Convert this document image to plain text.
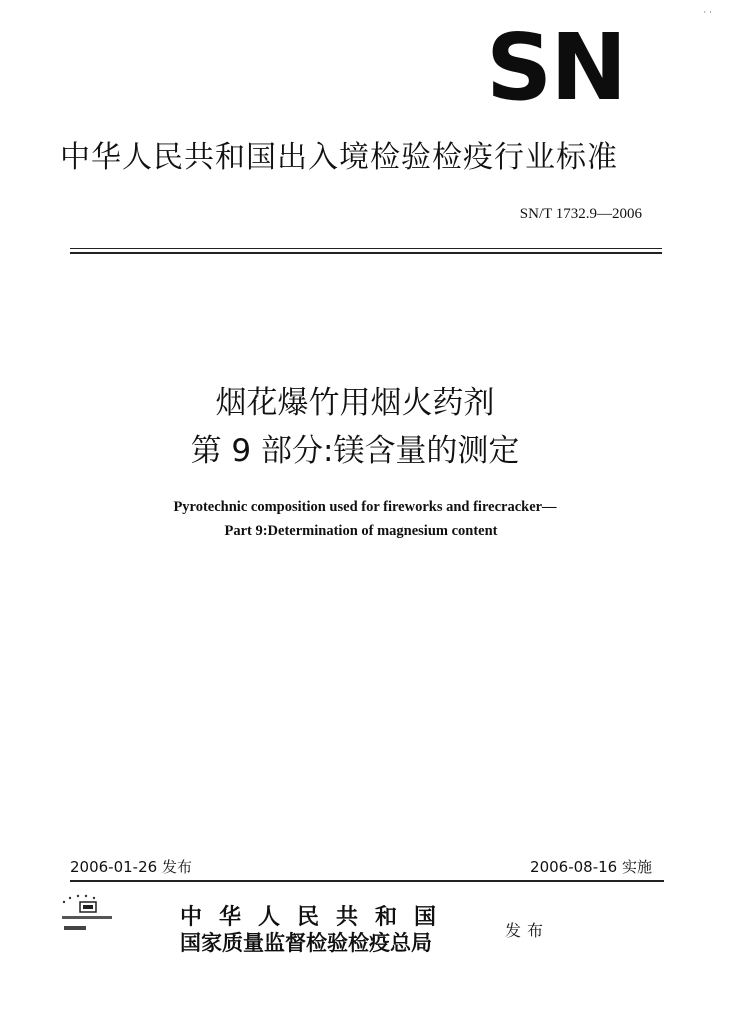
· ·
SN
中华人民共和国出入境检验检疫行业标准
SN/T 1732.9—2006
烟花爆竹用烟火药剂
第 9 部分:镁含量的测定
Pyrotechnic composition used for fireworks and firecracker—
Part 9:Determination of magnesium content
2006-01-26 发布	2006-08-16 实施
中华人民共和国
国家质量监督检验检疫总局	发布
